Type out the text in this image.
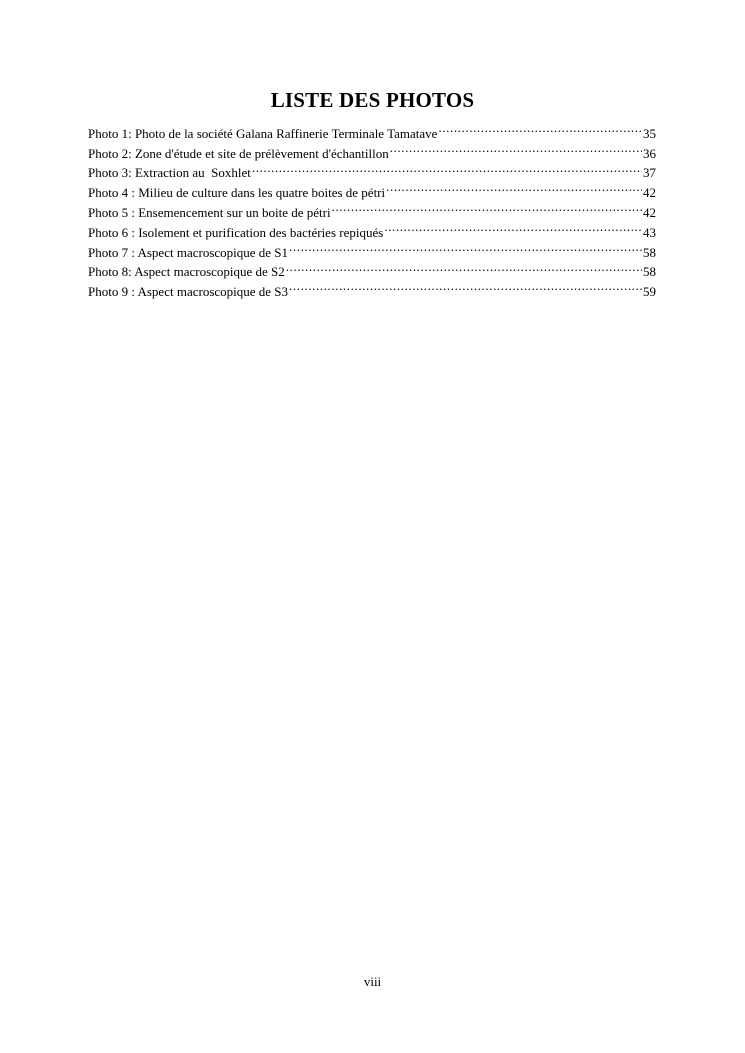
LISTE DES PHOTOS
Photo 1: Photo de la société Galana Raffinerie Terminale Tamatave .....	35
Photo 2: Zone d'étude et site de prélèvement d'échantillon .....	36
Photo 3: Extraction au  Soxhlet .....	37
Photo 4 : Milieu de culture dans les quatre boites de pétri .....	42
Photo 5 : Ensemencement sur un boite de pétri .....	42
Photo 6 : Isolement et purification des bactéries repiqués .....	43
Photo 7 : Aspect macroscopique de S1 .....	58
Photo 8: Aspect macroscopique de S2 .....	58
Photo 9 : Aspect macroscopique de S3 .....	59
viii
